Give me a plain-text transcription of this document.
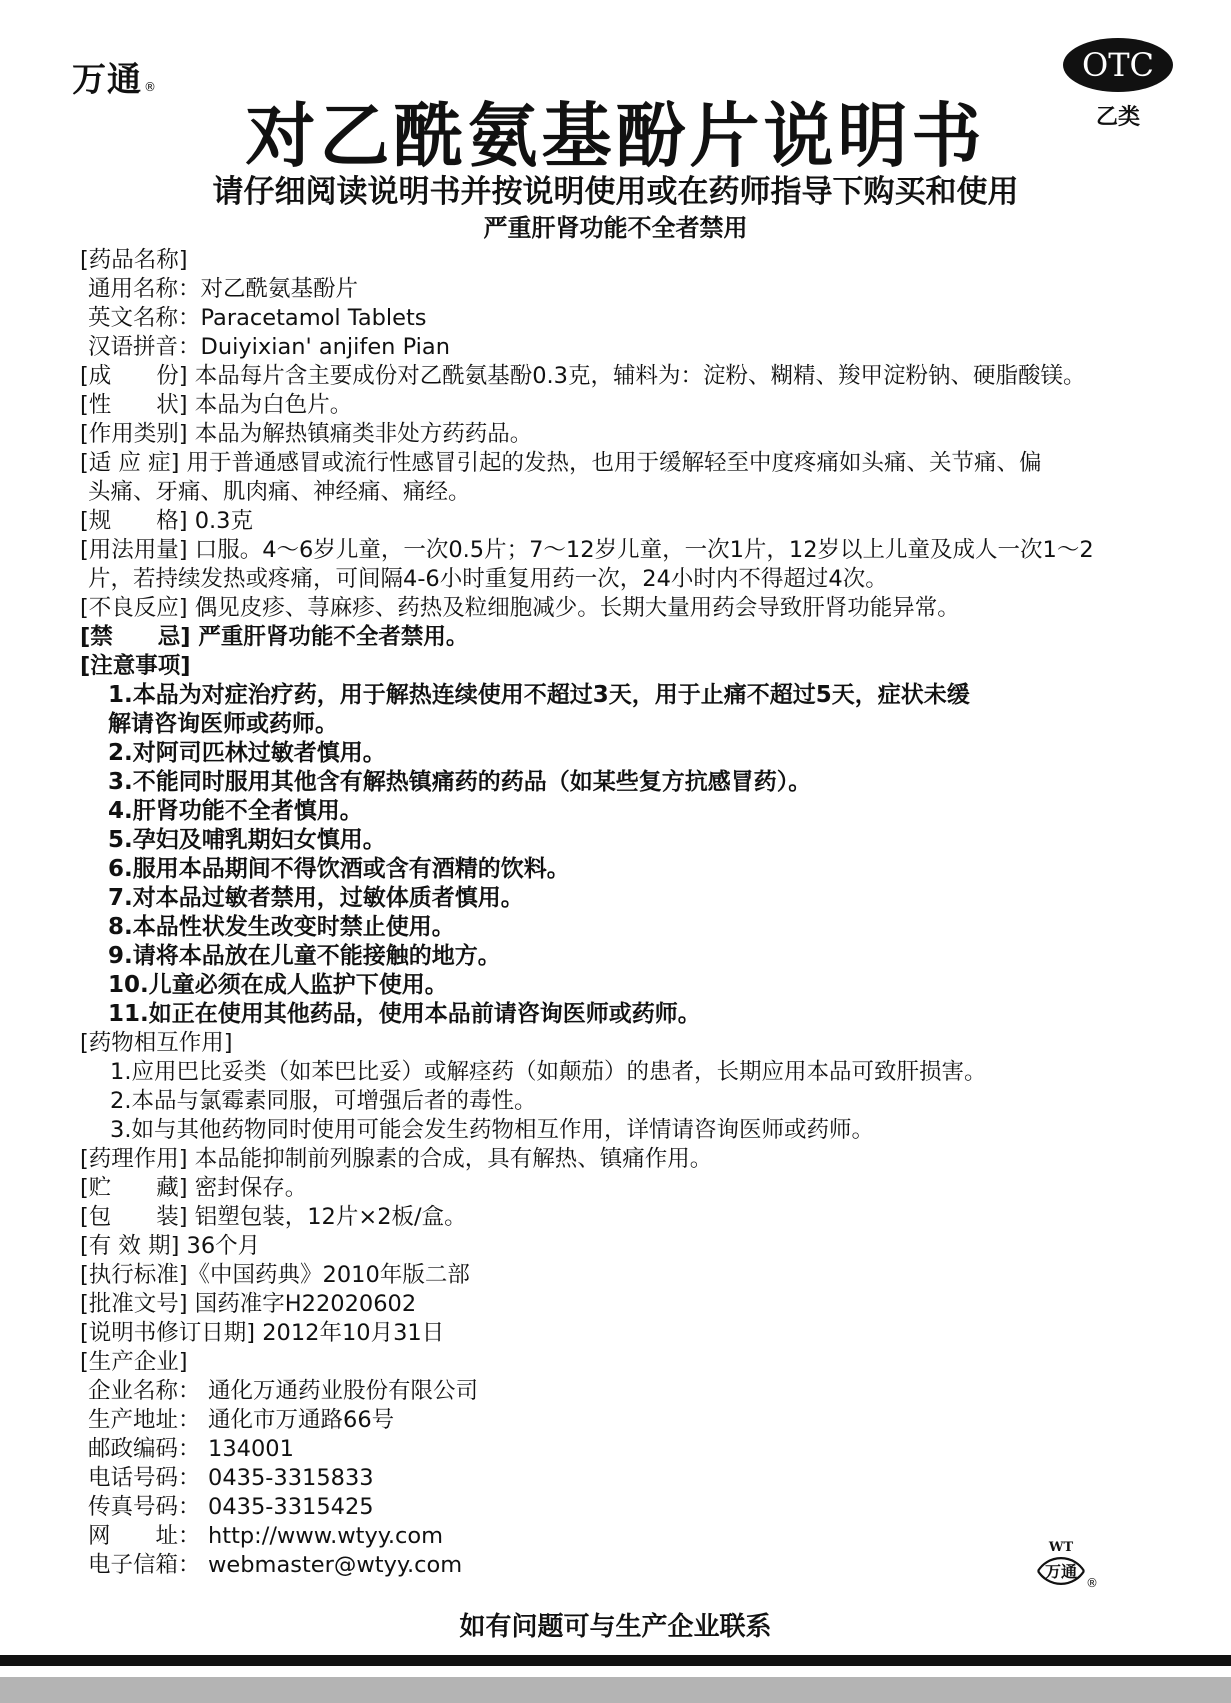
万通 ®
对乙酰氨基酚片说明书
OTC
乙类
请仔细阅读说明书并按说明使用或在药师指导下购买和使用
严重肝肾功能不全者禁用
[药品名称]
通用名称：对乙酰氨基酚片
英文名称：Paracetamol Tablets
汉语拼音：Duiyixian' anjifen Pian
[成　　份] 本品每片含主要成份对乙酰氨基酚0.3克，辅料为：淀粉、糊精、羧甲淀粉钠、硬脂酸镁。
[性　　状] 本品为白色片。
[作用类别] 本品为解热镇痛类非处方药药品。
[适 应 症] 用于普通感冒或流行性感冒引起的发热，也用于缓解轻至中度疼痛如头痛、关节痛、偏
头痛、牙痛、肌肉痛、神经痛、痛经。
[规　　格] 0.3克
[用法用量] 口服。4～6岁儿童，一次0.5片；7～12岁儿童，一次1片，12岁以上儿童及成人一次1～2
片，若持续发热或疼痛，可间隔4-6小时重复用药一次，24小时内不得超过4次。
[不良反应] 偶见皮疹、荨麻疹、药热及粒细胞减少。长期大量用药会导致肝肾功能异常。
[禁　　忌] 严重肝肾功能不全者禁用。
[注意事项]
1.本品为对症治疗药，用于解热连续使用不超过3天，用于止痛不超过5天，症状未缓
解请咨询医师或药师。
2.对阿司匹林过敏者慎用。
3.不能同时服用其他含有解热镇痛药的药品（如某些复方抗感冒药）。
4.肝肾功能不全者慎用。
5.孕妇及哺乳期妇女慎用。
6.服用本品期间不得饮酒或含有酒精的饮料。
7.对本品过敏者禁用，过敏体质者慎用。
8.本品性状发生改变时禁止使用。
9.请将本品放在儿童不能接触的地方。
10.儿童必须在成人监护下使用。
11.如正在使用其他药品，使用本品前请咨询医师或药师。
[药物相互作用]
1.应用巴比妥类（如苯巴比妥）或解痉药（如颠茄）的患者，长期应用本品可致肝损害。
2.本品与氯霉素同服，可增强后者的毒性。
3.如与其他药物同时使用可能会发生药物相互作用，详情请咨询医师或药师。
[药理作用] 本品能抑制前列腺素的合成，具有解热、镇痛作用。
[贮　　藏] 密封保存。
[包　　装] 铝塑包装，12片×2板/盒。
[有 效 期] 36个月
[执行标准]《中国药典》2010年版二部
[批准文号] 国药准字H22020602
[说明书修订日期] 2012年10月31日
[生产企业]
企业名称： 通化万通药业股份有限公司
生产地址： 通化市万通路66号
邮政编码： 134001
电话号码： 0435-3315833
传真号码： 0435-3315425
网　　址： http://www.wtyy.com
电子信箱： webmaster@wtyy.com
WT
万通
®
如有问题可与生产企业联系
